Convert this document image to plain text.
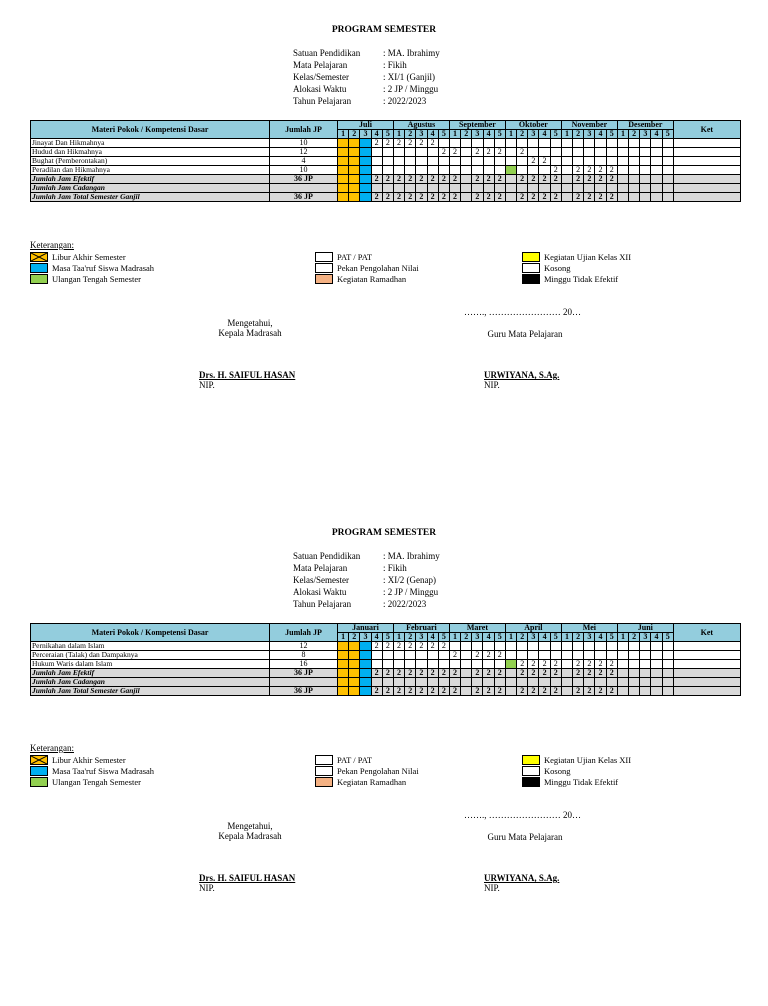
PROGRAM SEMESTER
Satuan Pendidikan	: MA. Ibrahimy
Mata Pelajaran	: Fikih
Kelas/Semester	: XI/1 (Ganjil)
Alokasi Waktu	: 2 JP / Minggu
Tahun Pelajaran	: 2022/2023
Materi Pokok / Kompetensi Dasar	Jumlah JP	Juli					Agustus					September					Oktober					November					Desember					Ket
		1	2	3	4	5	1	2	3	4	5	1	2	3	4	5	1	2	3	4	5	1	2	3	4	5	1	2	3	4	5	
Jinayat Dan Hikmahnya	10				2	2	2	2	2	2																						
Hudud dan Hikmahnya	12										2	2		2	2	2		2														
Bughat (Pemberontakan)	4																		2	2												
Peradilan dan Hikmahnya	10																				2		2	2	2	2						
Jumlah Jam Efektif	36 JP				2	2	2	2	2	2	2	2		2	2	2		2	2	2	2		2	2	2	2						
Jumlah Jam Cadangan																																
Jumlah Jam Total Semester Ganjil	36 JP				2	2	2	2	2	2	2	2		2	2	2		2	2	2	2		2	2	2	2						
Keterangan:
Libur Akhir Semester
Masa Taa'ruf Siswa Madrasah
Ulangan Tengah Semester
PAT / PAT
Pekan Pengolahan Nilai
Kegiatan Ramadhan
Kegiatan Ujian Kelas XII
Kosong
Minggu Tidak Efektif
……., …………………… 20…
Mengetahui,
Kepala Madrasah	Guru Mata Pelajaran
Drs. H. SAIFUL HASAN
NIP.
URWIYANA, S.Ag.
NIP.
PROGRAM SEMESTER
Satuan Pendidikan	: MA. Ibrahimy
Mata Pelajaran	: Fikih
Kelas/Semester	: XI/2 (Genap)
Alokasi Waktu	: 2 JP / Minggu
Tahun Pelajaran	: 2022/2023
Materi Pokok / Kompetensi Dasar	Jumlah JP	Januari					Februari					Maret					April					Mei					Juni					Ket
		1	2	3	4	5	1	2	3	4	5	1	2	3	4	5	1	2	3	4	5	1	2	3	4	5	1	2	3	4	5	
Pernikahan dalam Islam	12				2	2	2	2	2	2	2																					
Perceraian (Talak) dan Dampaknya	8											2		2	2	2																
Hukum Waris dalam Islam	16																	2	2	2	2		2	2	2	2						
Jumlah Jam Efektif	36 JP				2	2	2	2	2	2	2	2		2	2	2		2	2	2	2		2	2	2	2						
Jumlah Jam Cadangan																																
Jumlah Jam Total Semester Ganjil	36 JP				2	2	2	2	2	2	2	2		2	2	2		2	2	2	2		2	2	2	2						
Keterangan:
Libur Akhir Semester
Masa Taa'ruf Siswa Madrasah
Ulangan Tengah Semester
PAT / PAT
Pekan Pengolahan Nilai
Kegiatan Ramadhan
Kegiatan Ujian Kelas XII
Kosong
Minggu Tidak Efektif
……., …………………… 20…
Mengetahui,
Kepala Madrasah	Guru Mata Pelajaran
Drs. H. SAIFUL HASAN
NIP.
URWIYANA, S.Ag.
NIP.
